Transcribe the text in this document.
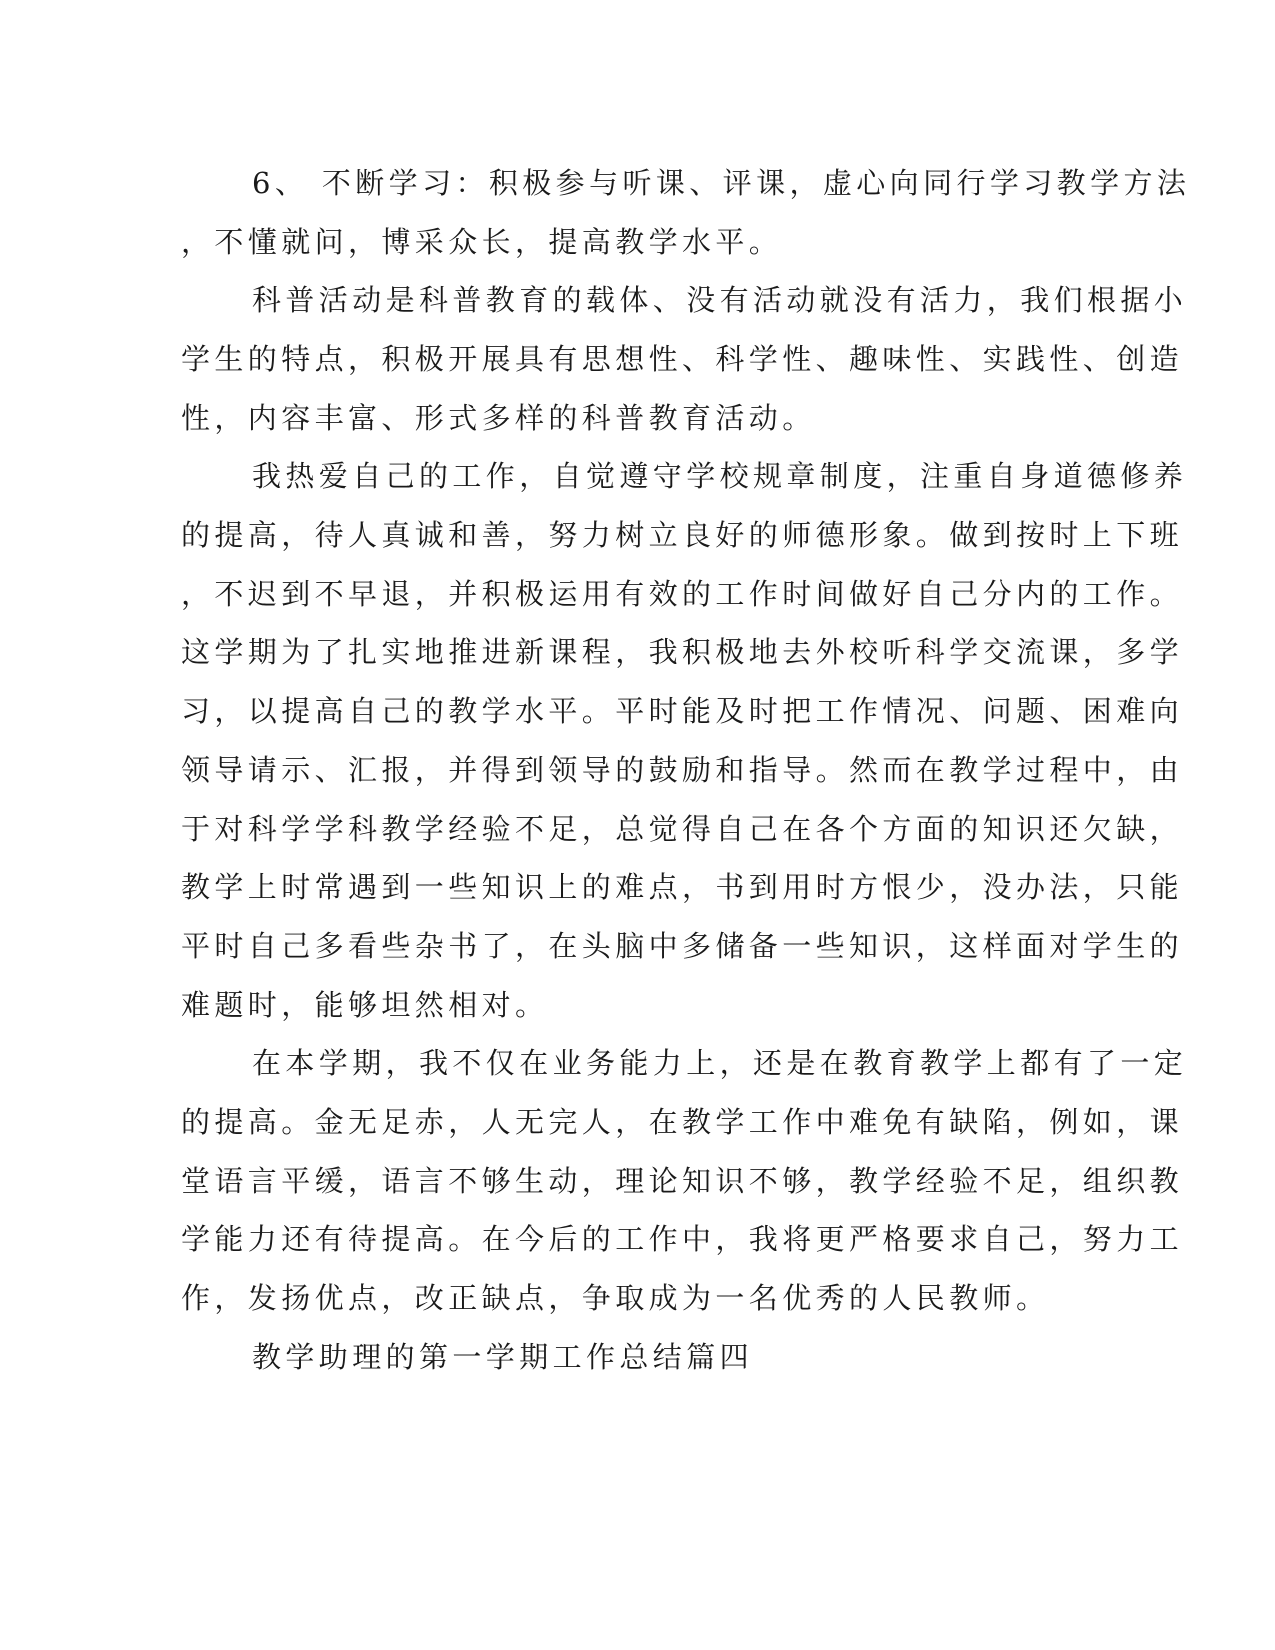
6、 不断学习：积极参与听课、评课，虚心向同行学习教学方法
，不懂就问，博采众长，提高教学水平。
科普活动是科普教育的载体、没有活动就没有活力，我们根据小
学生的特点，积极开展具有思想性、科学性、趣味性、实践性、创造
性，内容丰富、形式多样的科普教育活动。
我热爱自己的工作，自觉遵守学校规章制度，注重自身道德修养
的提高，待人真诚和善，努力树立良好的师德形象。做到按时上下班
，不迟到不早退，并积极运用有效的工作时间做好自己分内的工作。
这学期为了扎实地推进新课程，我积极地去外校听科学交流课，多学
习，以提高自己的教学水平。平时能及时把工作情况、问题、困难向
领导请示、汇报，并得到领导的鼓励和指导。然而在教学过程中，由
于对科学学科教学经验不足，总觉得自己在各个方面的知识还欠缺，
教学上时常遇到一些知识上的难点，书到用时方恨少，没办法，只能
平时自己多看些杂书了，在头脑中多储备一些知识，这样面对学生的
难题时，能够坦然相对。
在本学期，我不仅在业务能力上，还是在教育教学上都有了一定
的提高。金无足赤，人无完人，在教学工作中难免有缺陷，例如，课
堂语言平缓，语言不够生动，理论知识不够，教学经验不足，组织教
学能力还有待提高。在今后的工作中，我将更严格要求自己，努力工
作，发扬优点，改正缺点，争取成为一名优秀的人民教师。
教学助理的第一学期工作总结篇四
